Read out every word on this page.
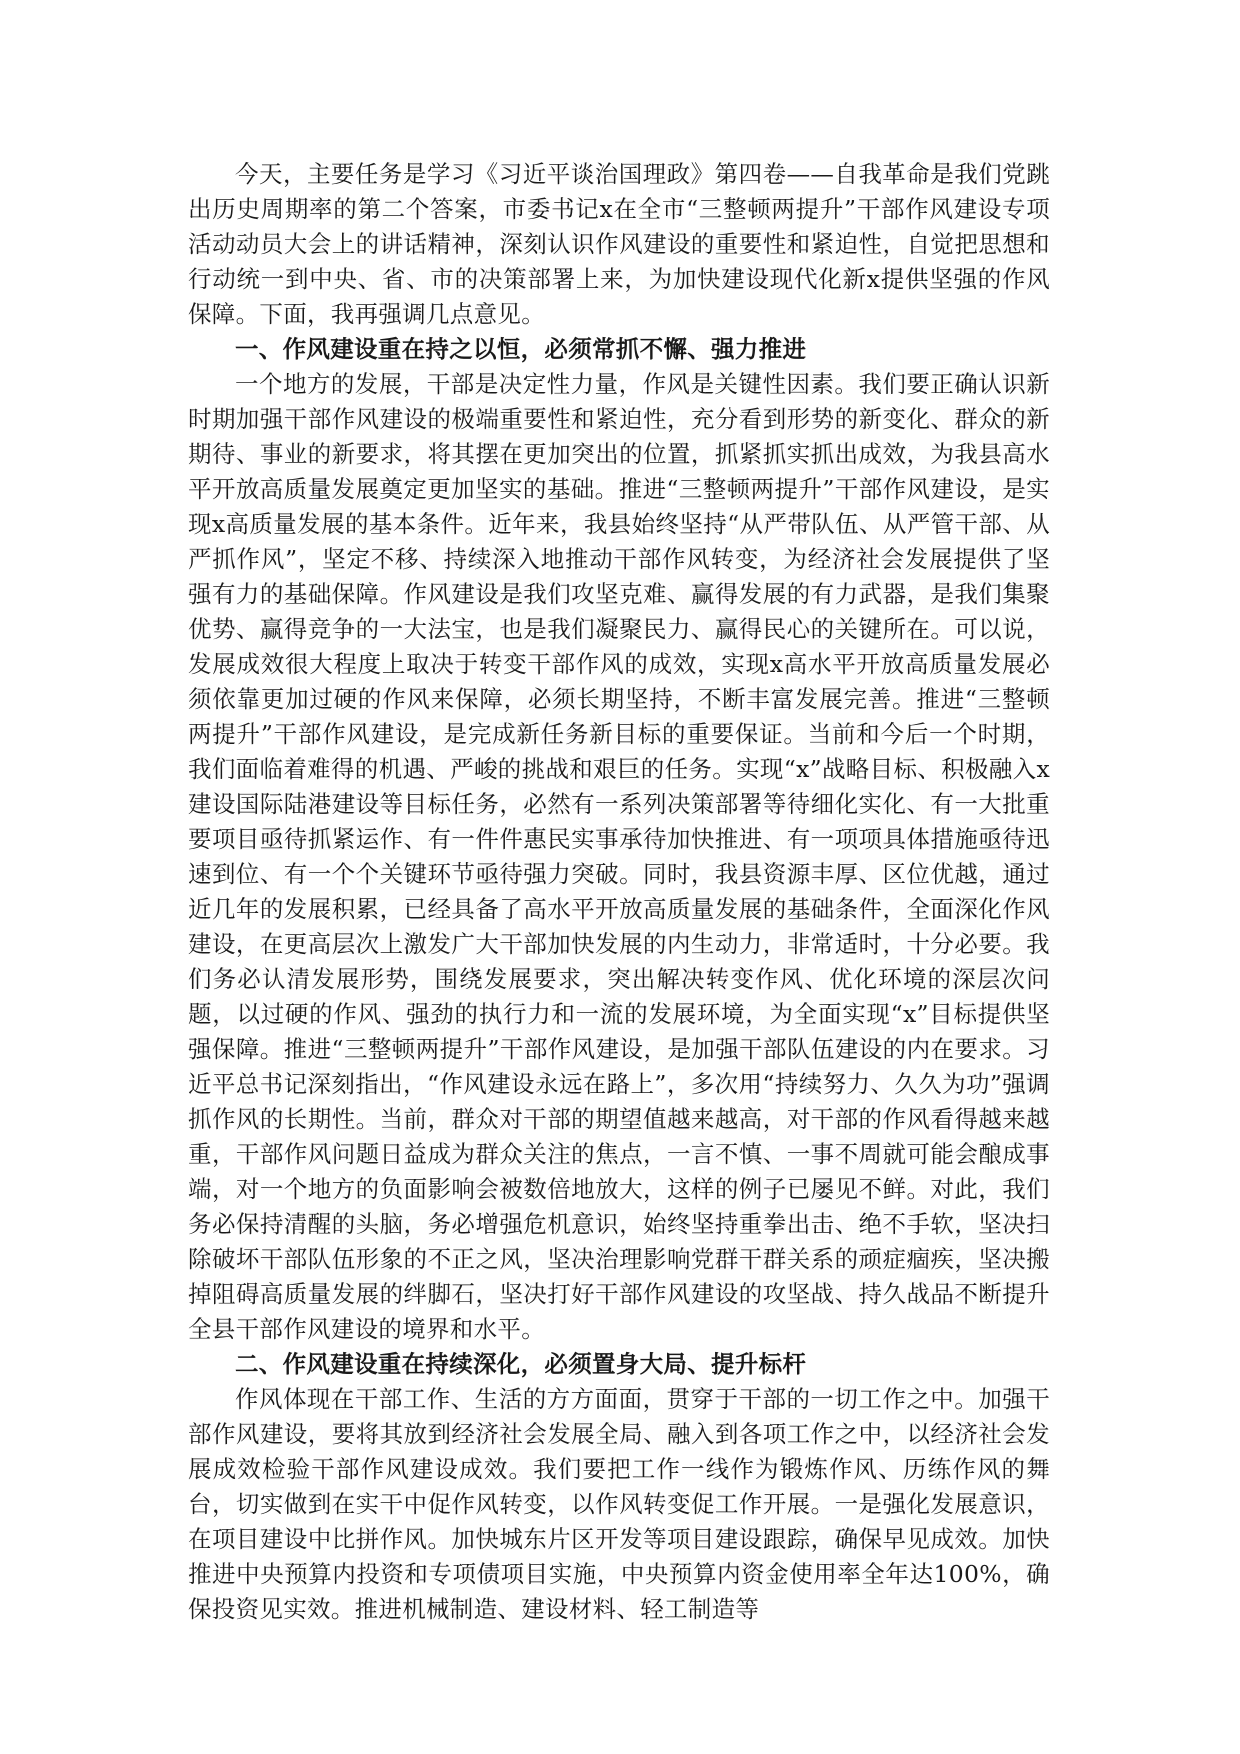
今天，主要任务是学习《习近平谈治国理政》第四卷——自我革命是我们党跳出历史周期率的第二个答案，市委书记x在全市“三整顿两提升”干部作风建设专项活动动员大会上的讲话精神，深刻认识作风建设的重要性和紧迫性，自觉把思想和行动统一到中央、省、市的决策部署上来，为加快建设现代化新x提供坚强的作风保障。下面，我再强调几点意见。

一、作风建设重在持之以恒，必须常抓不懈、强力推进

一个地方的发展，干部是决定性力量，作风是关键性因素。我们要正确认识新时期加强干部作风建设的极端重要性和紧迫性，充分看到形势的新变化、群众的新期待、事业的新要求，将其摆在更加突出的位置，抓紧抓实抓出成效，为我县高水平开放高质量发展奠定更加坚实的基础。推进“三整顿两提升”干部作风建设，是实现x高质量发展的基本条件。近年来，我县始终坚持“从严带队伍、从严管干部、从严抓作风”，坚定不移、持续深入地推动干部作风转变，为经济社会发展提供了坚强有力的基础保障。作风建设是我们攻坚克难、赢得发展的有力武器，是我们集聚优势、赢得竞争的一大法宝，也是我们凝聚民力、赢得民心的关键所在。可以说，发展成效很大程度上取决于转变干部作风的成效，实现x高水平开放高质量发展必须依靠更加过硬的作风来保障，必须长期坚持，不断丰富发展完善。推进“三整顿两提升”干部作风建设，是完成新任务新目标的重要保证。当前和今后一个时期，我们面临着难得的机遇、严峻的挑战和艰巨的任务。实现“x”战略目标、积极融入x建设国际陆港建设等目标任务，必然有一系列决策部署等待细化实化、有一大批重要项目亟待抓紧运作、有一件件惠民实事承待加快推进、有一项项具体措施亟待迅速到位、有一个个关键环节亟待强力突破。同时，我县资源丰厚、区位优越，通过近几年的发展积累，已经具备了高水平开放高质量发展的基础条件，全面深化作风建设，在更高层次上激发广大干部加快发展的内生动力，非常适时，十分必要。我们务必认清发展形势，围绕发展要求，突出解决转变作风、优化环境的深层次问题，以过硬的作风、强劲的执行力和一流的发展环境，为全面实现“x”目标提供坚强保障。推进“三整顿两提升”干部作风建设，是加强干部队伍建设的内在要求。习近平总书记深刻指出，“作风建设永远在路上”，多次用“持续努力、久久为功”强调抓作风的长期性。当前，群众对干部的期望值越来越高，对干部的作风看得越来越重，干部作风问题日益成为群众关注的焦点，一言不慎、一事不周就可能会酿成事端，对一个地方的负面影响会被数倍地放大，这样的例子已屡见不鲜。对此，我们务必保持清醒的头脑，务必增强危机意识，始终坚持重拳出击、绝不手软，坚决扫除破坏干部队伍形象的不正之风，坚决治理影响党群干群关系的顽症痼疾，坚决搬掉阻碍高质量发展的绊脚石，坚决打好干部作风建设的攻坚战、持久战品不断提升全县干部作风建设的境界和水平。

二、作风建设重在持续深化，必须置身大局、提升标杆

作风体现在干部工作、生活的方方面面，贯穿于干部的一切工作之中。加强干部作风建设，要将其放到经济社会发展全局、融入到各项工作之中，以经济社会发展成效检验干部作风建设成效。我们要把工作一线作为锻炼作风、历练作风的舞台，切实做到在实干中促作风转变，以作风转变促工作开展。一是强化发展意识，在项目建设中比拼作风。加快城东片区开发等项目建设跟踪，确保早见成效。加快推进中央预算内投资和专项债项目实施，中央预算内资金使用率全年达100%，确保投资见实效。推进机械制造、建设材料、轻工制造等
